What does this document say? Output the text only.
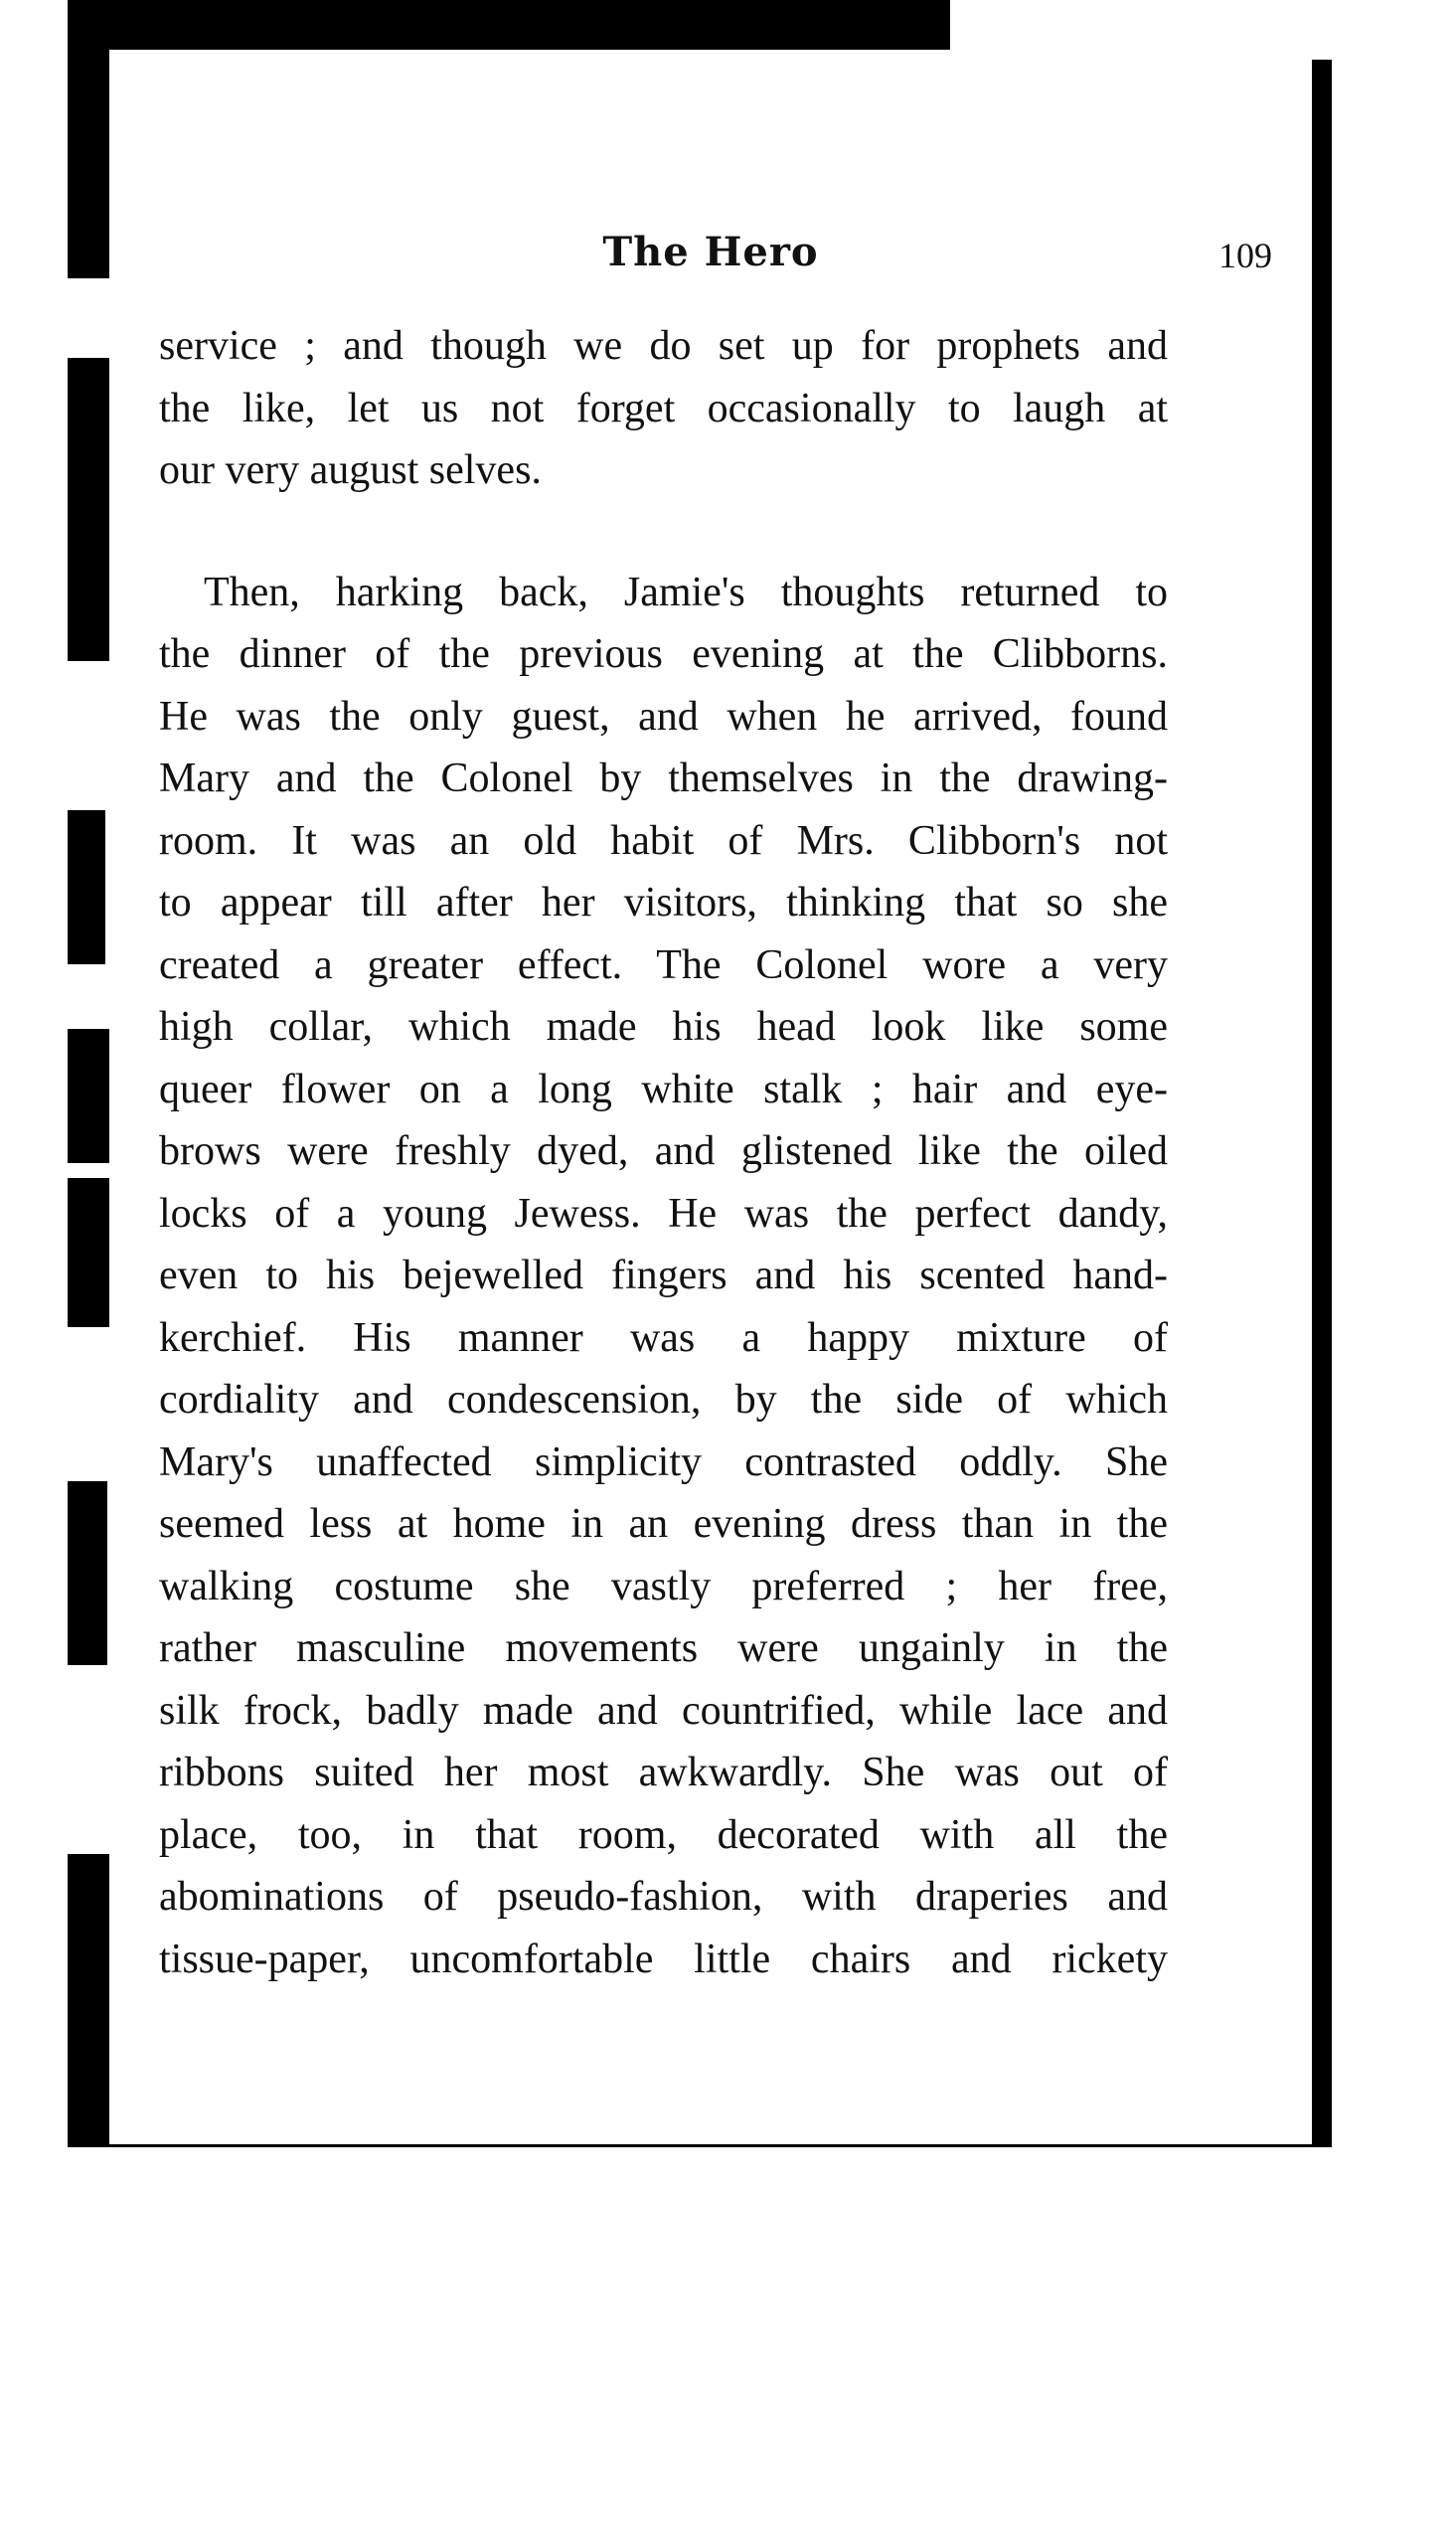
The Hero	109
service ; and though we do set up for prophets and
the like, let us not forget occasionally to laugh at
our very august selves.
Then, harking back, Jamie's thoughts returned to
the dinner of the previous evening at the Clibborns.
He was the only guest, and when he arrived, found
Mary and the Colonel by themselves in the drawing-
room. It was an old habit of Mrs. Clibborn's not
to appear till after her visitors, thinking that so she
created a greater effect. The Colonel wore a very
high collar, which made his head look like some
queer flower on a long white stalk ; hair and eye-
brows were freshly dyed, and glistened like the oiled
locks of a young Jewess. He was the perfect dandy,
even to his bejewelled fingers and his scented hand-
kerchief. His manner was a happy mixture of
cordiality and condescension, by the side of which
Mary's unaffected simplicity contrasted oddly. She
seemed less at home in an evening dress than in the
walking costume she vastly preferred ; her free,
rather masculine movements were ungainly in the
silk frock, badly made and countrified, while lace and
ribbons suited her most awkwardly. She was out of
place, too, in that room, decorated with all the
abominations of pseudo-fashion, with draperies and
tissue-paper, uncomfortable little chairs and rickety
